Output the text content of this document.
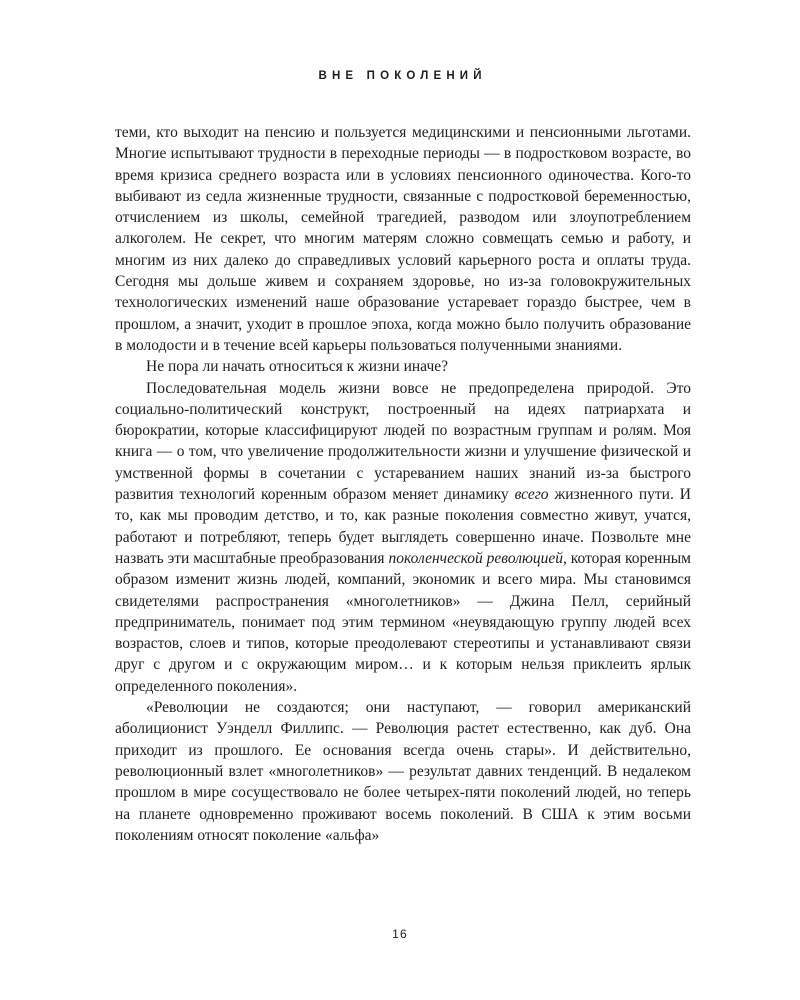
ВНЕ ПОКОЛЕНИЙ

теми, кто выходит на пенсию и пользуется медицинскими и пенсионными льготами. Многие испытывают трудности в переходные периоды — в подростковом возрасте, во время кризиса среднего возраста или в условиях пенсионного одиночества. Кого-то выбивают из седла жизненные трудности, связанные с подростковой беременностью, отчислением из школы, семейной трагедией, разводом или злоупотреблением алкоголем. Не секрет, что многим матерям сложно совмещать семью и работу, и многим из них далеко до справедливых условий карьерного роста и оплаты труда. Сегодня мы дольше живем и сохраняем здоровье, но из-за головокружительных технологических изменений наше образование устаревает гораздо быстрее, чем в прошлом, а значит, уходит в прошлое эпоха, когда можно было получить образование в молодости и в течение всей карьеры пользоваться полученными знаниями.

Не пора ли начать относиться к жизни иначе?

Последовательная модель жизни вовсе не предопределена природой. Это социально-политический конструкт, построенный на идеях патриархата и бюрократии, которые классифицируют людей по возрастным группам и ролям. Моя книга — о том, что увеличение продолжительности жизни и улучшение физической и умственной формы в сочетании с устареванием наших знаний из-за быстрого развития технологий коренным образом меняет динамику всего жизненного пути. И то, как мы проводим детство, и то, как разные поколения совместно живут, учатся, работают и потребляют, теперь будет выглядеть совершенно иначе. Позвольте мне назвать эти масштабные преобразования поколенческой революцией, которая коренным образом изменит жизнь людей, компаний, экономик и всего мира. Мы становимся свидетелями распространения «многолетников» — Джина Пелл, серийный предприниматель, понимает под этим термином «неувядающую группу людей всех возрастов, слоев и типов, которые преодолевают стереотипы и устанавливают связи друг с другом и с окружающим миром… и к которым нельзя приклеить ярлык определенного поколения».

«Революции не создаются; они наступают, — говорил американский аболиционист Уэнделл Филлипс. — Революция растет естественно, как дуб. Она приходит из прошлого. Ее основания всегда очень стары». И действительно, революционный взлет «многолетников» — результат давних тенденций. В недалеком прошлом в мире сосуществовало не более четырех-пяти поколений людей, но теперь на планете одновременно проживают восемь поколений. В США к этим восьми поколениям относят поколение «альфа»

16
